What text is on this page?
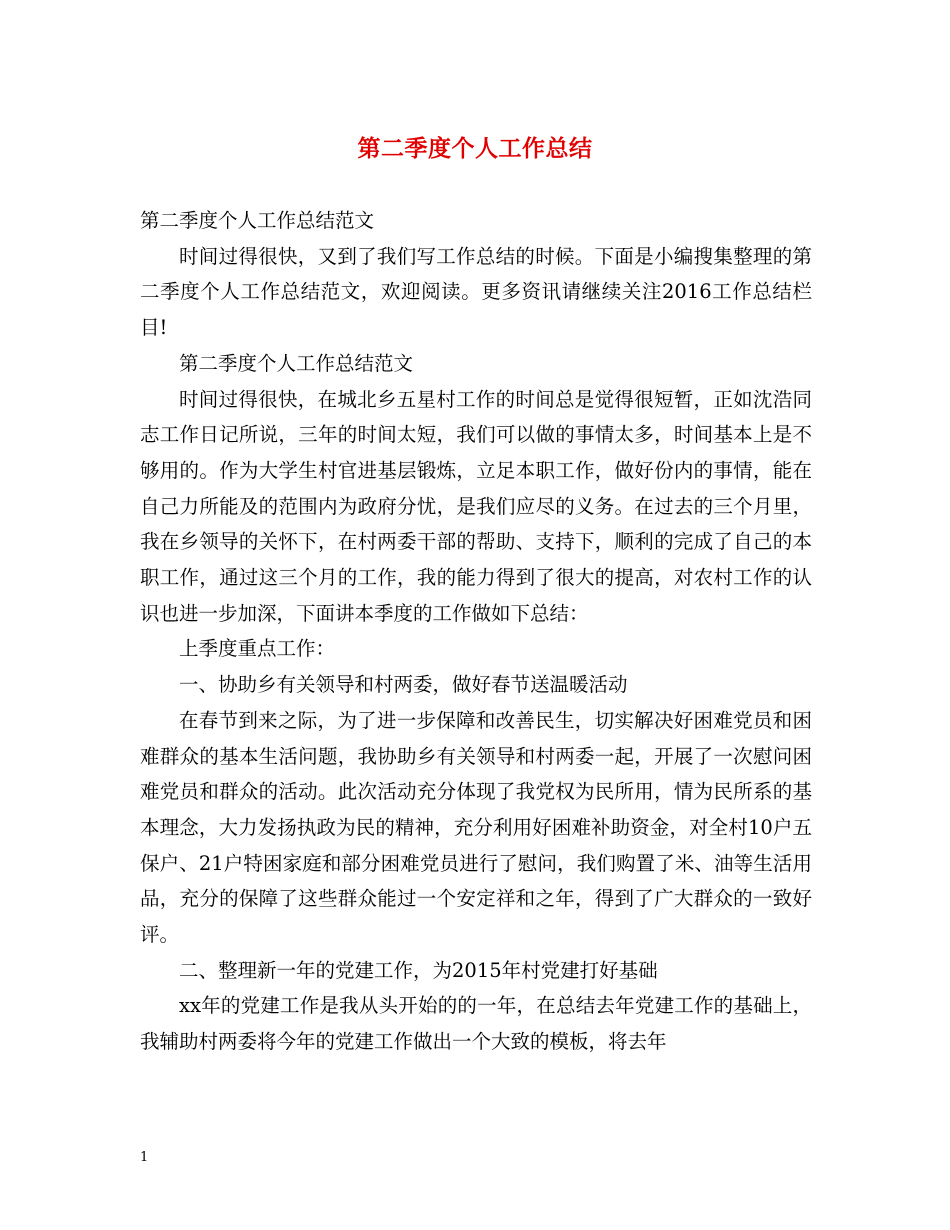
第二季度个人工作总结

第二季度个人工作总结范文

时间过得很快，又到了我们写工作总结的时候。下面是小编搜集整理的第二季度个人工作总结范文，欢迎阅读。更多资讯请继续关注2016工作总结栏目!

第二季度个人工作总结范文

时间过得很快，在城北乡五星村工作的时间总是觉得很短暂，正如沈浩同志工作日记所说，三年的时间太短，我们可以做的事情太多，时间基本上是不够用的。作为大学生村官进基层锻炼，立足本职工作，做好份内的事情，能在自己力所能及的范围内为政府分忧，是我们应尽的义务。在过去的三个月里，我在乡领导的关怀下，在村两委干部的帮助、支持下，顺利的完成了自己的本职工作，通过这三个月的工作，我的能力得到了很大的提高，对农村工作的认识也进一步加深，下面讲本季度的工作做如下总结：

上季度重点工作：

一、协助乡有关领导和村两委，做好春节送温暖活动

在春节到来之际，为了进一步保障和改善民生，切实解决好困难党员和困难群众的基本生活问题，我协助乡有关领导和村两委一起，开展了一次慰问困难党员和群众的活动。此次活动充分体现了我党权为民所用，情为民所系的基本理念，大力发扬执政为民的精神，充分利用好困难补助资金，对全村10户五保户、21户特困家庭和部分困难党员进行了慰问，我们购置了米、油等生活用品，充分的保障了这些群众能过一个安定祥和之年，得到了广大群众的一致好评。

二、整理新一年的党建工作，为2015年村党建打好基础

xx年的党建工作是我从头开始的的一年，在总结去年党建工作的基础上，我辅助村两委将今年的党建工作做出一个大致的模板，将去年

1
